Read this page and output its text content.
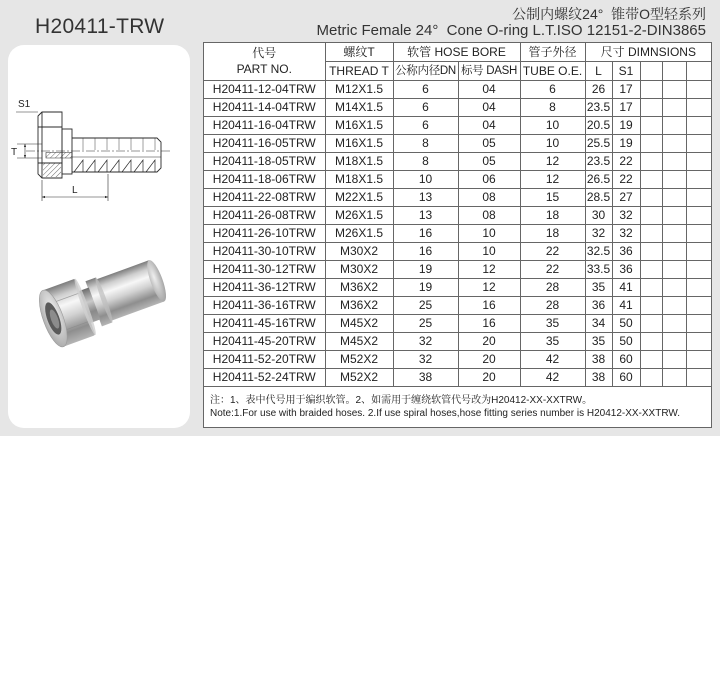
H20411-TRW
公制内螺纹24°  锥带O型轻系列
Metric Female 24°  Cone O-ring L.T.ISO 12151-2-DIN3865
S1
T
L
代号
PART NO.	螺纹T	软管 HOSE BORE		管子外径	尺寸 DIMNSIONS				
	THREAD T	公称内径DN	标号 DASH	TUBE O.E.	L	S1			
H20411-12-04TRW	M12X1.5	6	04	6	26	17			
H20411-14-04TRW	M14X1.5	6	04	8	23.5	17			
H20411-16-04TRW	M16X1.5	6	04	10	20.5	19			
H20411-16-05TRW	M16X1.5	8	05	10	25.5	19			
H20411-18-05TRW	M18X1.5	8	05	12	23.5	22			
H20411-18-06TRW	M18X1.5	10	06	12	26.5	22			
H20411-22-08TRW	M22X1.5	13	08	15	28.5	27			
H20411-26-08TRW	M26X1.5	13	08	18	30	32			
H20411-26-10TRW	M26X1.5	16	10	18	32	32			
H20411-30-10TRW	M30X2	16	10	22	32.5	36			
H20411-30-12TRW	M30X2	19	12	22	33.5	36			
H20411-36-12TRW	M36X2	19	12	28	35	41			
H20411-36-16TRW	M36X2	25	16	28	36	41			
H20411-45-16TRW	M45X2	25	16	35	34	50			
H20411-45-20TRW	M45X2	32	20	35	35	50			
H20411-52-20TRW	M52X2	32	20	42	38	60			
H20411-52-24TRW	M52X2	38	20	42	38	60			
注：1、表中代号用于编织软管。2、如需用于缠绕软管代号改为H20412-XX-XXTRW。
Note:1.For use with braided hoses. 2.If use spiral hoses,hose fitting series number is H20412-XX-XXTRW.
